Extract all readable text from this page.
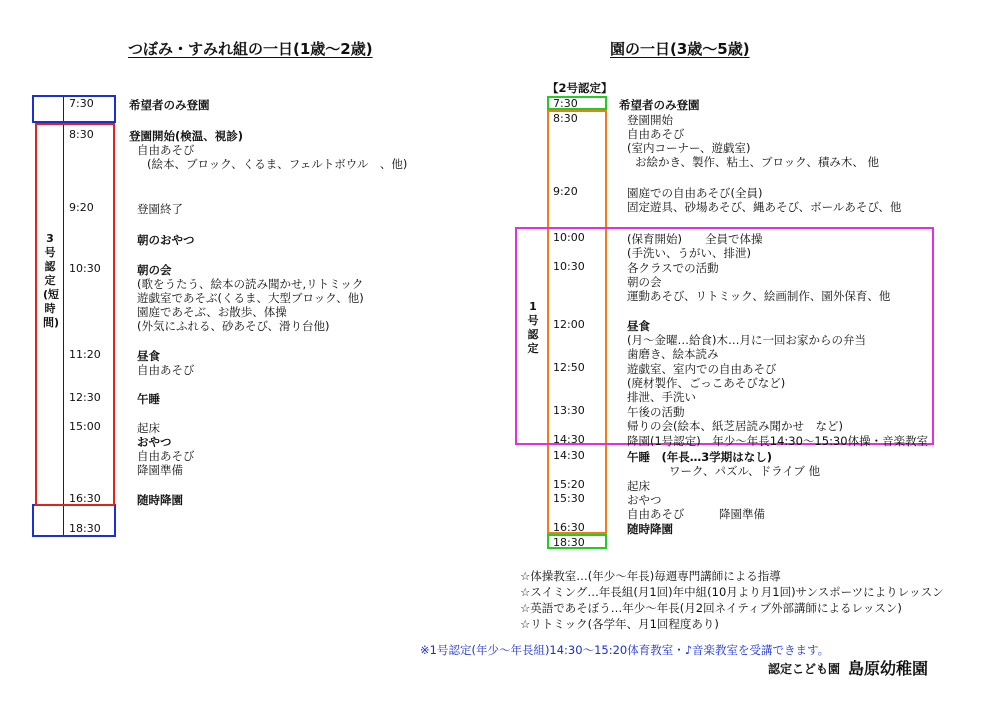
つぼみ・すみれ組の一日(1歳〜2歳)
3号認定(短時間)
7:30	希望者のみ登園
8:30	登園開始(検温、視診)
自由あそび
(絵本、ブロック、くるま、フェルトボウル　、他)
9:20	登園終了
朝のおやつ
10:30	朝の会
(歌をうたう、絵本の読み聞かせ,リトミック
遊戯室であそぶ(くるま、大型ブロック、他)
園庭であそぶ、お散歩、体操
(外気にふれる、砂あそび、滑り台他)
11:20	昼食
自由あそび
12:30	午睡
15:00	起床
おやつ
自由あそび
降園準備
16:30	随時降園
18:30
園の一日(3歳〜5歳)
【2号認定】
1号認定
7:30	希望者のみ登園
8:30	登園開始
自由あそび
(室内コーナー、遊戯室)
お絵かき、製作、粘土、ブロック、積み木、 他
9:20	園庭での自由あそび(全員)
固定遊具、砂場あそび、縄あそび、ボールあそび、他
10:00	(保育開始)　　全員で体操
(手洗い、うがい、排泄)
10:30	各クラスでの活動
朝の会
運動あそび、リトミック、絵画制作、園外保育、他
12:00	昼食
(月〜金曜…給食)木…月に一回お家からの弁当
歯磨き、絵本読み
12:50	遊戯室、室内での自由あそび
(廃材製作、ごっこあそびなど)
排泄、手洗い
13:30	午後の活動
帰りの会(絵本、紙芝居読み聞かせ　など)
14:30	降園(1号認定)　年少〜年長14:30〜15:30体操・音楽教室
14:30	午睡　(年長…3学期はなし)
ワーク、パズル、ドライブ 他
15:20	起床
15:30	おやつ
自由あそび　　　降園準備
16:30	随時降園
18:30
☆体操教室…(年少〜年長)毎週専門講師による指導
☆スイミング…年長組(月1回)年中組(10月より月1回)サンスポーツによりレッスン
☆英語であそぼう…年少〜年長(月2回ネイティブ外部講師によるレッスン)
☆リトミック(各学年、月1回程度あり)
※1号認定(年少〜年長組)14:30〜15:20体育教室・♪音楽教室を受講できます。
認定こども園 島原幼稚園
